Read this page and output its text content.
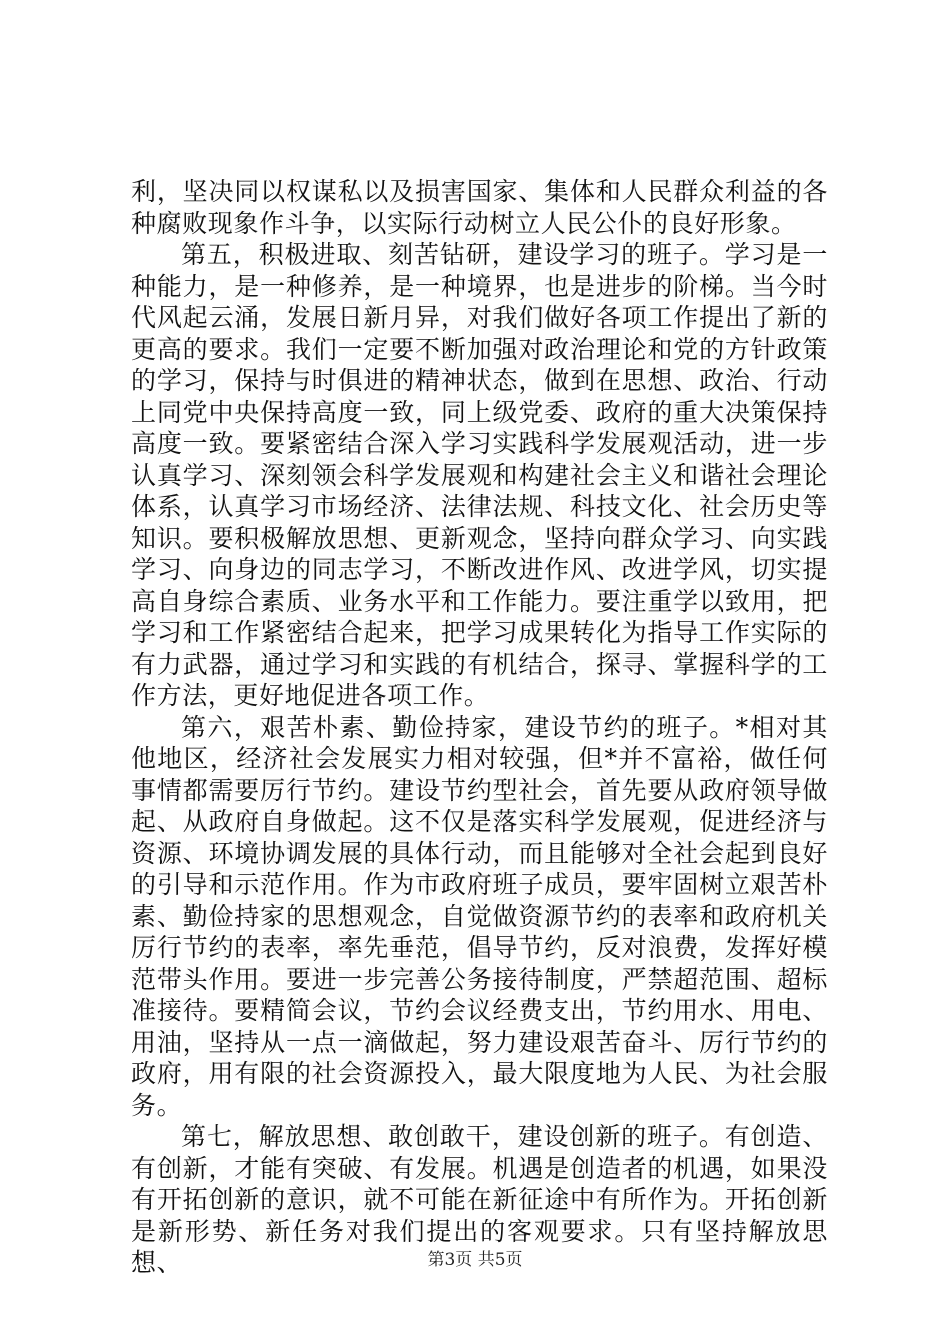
利，坚决同以权谋私以及损害国家、集体和人民群众利益的各种腐败现象作斗争，以实际行动树立人民公仆的良好形象。

第五，积极进取、刻苦钻研，建设学习的班子。学习是一种能力，是一种修养，是一种境界，也是进步的阶梯。当今时代风起云涌，发展日新月异，对我们做好各项工作提出了新的更高的要求。我们一定要不断加强对政治理论和党的方针政策的学习，保持与时俱进的精神状态，做到在思想、政治、行动上同党中央保持高度一致，同上级党委、政府的重大决策保持高度一致。要紧密结合深入学习实践科学发展观活动，进一步认真学习、深刻领会科学发展观和构建社会主义和谐社会理论体系，认真学习市场经济、法律法规、科技文化、社会历史等知识。要积极解放思想、更新观念，坚持向群众学习、向实践学习、向身边的同志学习，不断改进作风、改进学风，切实提高自身综合素质、业务水平和工作能力。要注重学以致用，把学习和工作紧密结合起来，把学习成果转化为指导工作实际的有力武器，通过学习和实践的有机结合，探寻、掌握科学的工作方法，更好地促进各项工作。

第六，艰苦朴素、勤俭持家，建设节约的班子。*相对其他地区，经济社会发展实力相对较强，但*并不富裕，做任何事情都需要厉行节约。建设节约型社会，首先要从政府领导做起、从政府自身做起。这不仅是落实科学发展观，促进经济与资源、环境协调发展的具体行动，而且能够对全社会起到良好的引导和示范作用。作为市政府班子成员，要牢固树立艰苦朴素、勤俭持家的思想观念，自觉做资源节约的表率和政府机关厉行节约的表率，率先垂范，倡导节约，反对浪费，发挥好模范带头作用。要进一步完善公务接待制度，严禁超范围、超标准接待。要精简会议，节约会议经费支出，节约用水、用电、用油，坚持从一点一滴做起，努力建设艰苦奋斗、厉行节约的政府，用有限的社会资源投入，最大限度地为人民、为社会服务。

第七，解放思想、敢创敢干，建设创新的班子。有创造、有创新，才能有突破、有发展。机遇是创造者的机遇，如果没有开拓创新的意识，就不可能在新征途中有所作为。开拓创新是新形势、新任务对我们提出的客观要求。只有坚持解放思想、	第3页 共5页
